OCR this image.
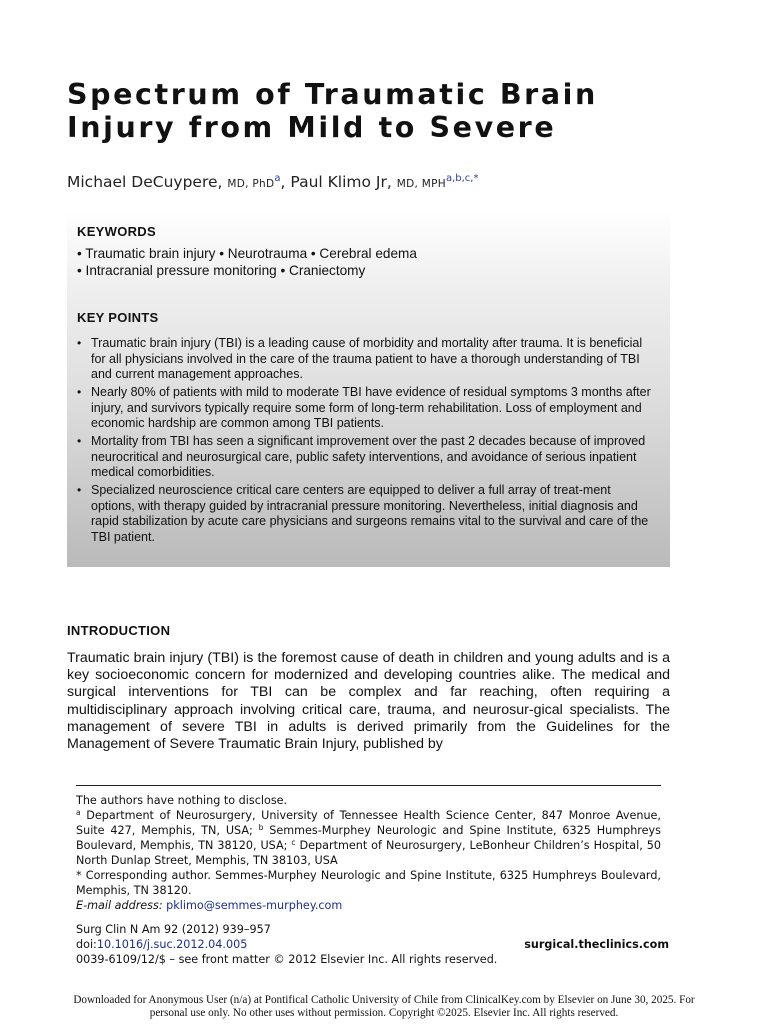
Spectrum of Traumatic Brain
Injury from Mild to Severe

Michael DeCuypere, MD, PhD$^a$, Paul Klimo Jr, MD, $MPH^{a,b,c,*}$

KEYWORDS

• Traumatic brain injury • Neurotrauma • Cerebral edema

• Intracranial pressure monitoring • Craniectomy

KEY POINTS

• Traumatic brain injury (TBI) is a leading cause of morbidity and mortality after trauma. It is beneficial for all physicians involved in the care of the trauma patient to have a thorough understanding of TBI and current management approaches.
• Nearly 80% of patients with mild to moderate TBI have evidence of residual symptoms 3 months after injury, and survivors typically require some form of long-term rehabilitation. Loss of employment and economic hardship are common among TBI patients.
• Mortality from TBI has seen a significant improvement over the past 2 decades because of improved neurocritical and neurosurgical care, public safety interventions, and avoidance of serious inpatient medical comorbidities.
• Specialized neuroscience critical care centers are equipped to deliver a full array of treat-ment options, with therapy guided by intracranial pressure monitoring. Nevertheless, initial diagnosis and rapid stabilization by acute care physicians and surgeons remains vital to the survival and care of the TBI patient.

INTRODUCTION

Traumatic brain injury (TBI) is the foremost cause of death in children and young adults and is a key socioeconomic concern for modernized and developing countries alike. The medical and surgical interventions for TBI can be complex and far reaching, often requiring a multidisciplinary approach involving critical care, trauma, and neurosur-gical specialists. The management of severe TBI in adults is derived primarily from the Guidelines for the Management of Severe Traumatic Brain Injury, published by

The authors have nothing to disclose.

$^a$ Department of Neurosurgery, University of Tennessee Health Science Center, 847 Monroe Avenue, Suite 427, Memphis, TN, USA; $^b$ Semmes-Murphey Neurologic and Spine Institute, 6325 Humphreys Boulevard, Memphis, TN 38120, USA; $^c$ Department of Neurosurgery, LeBonheur Children’s Hospital, 50 North Dunlap Street, Memphis, TN 38103, USA

* Corresponding author. Semmes-Murphey Neurologic and Spine Institute, 6325 Humphreys Boulevard, Memphis, TN 38120.

E-mail address: pklimo@semmes-murphey.com

Surg Clin N Am 92 (2012) 939–957

doi:10.1016/j.suc.2012.04.005	surgical.theclinics.com

0039-6109/12/$ – see front matter © 2012 Elsevier Inc. All rights reserved.

Downloaded for Anonymous User (n/a) at Pontifical Catholic University of Chile from ClinicalKey.com by Elsevier on June 30, 2025. For personal use only. No other uses without permission. Copyright ©2025. Elsevier Inc. All rights reserved.
